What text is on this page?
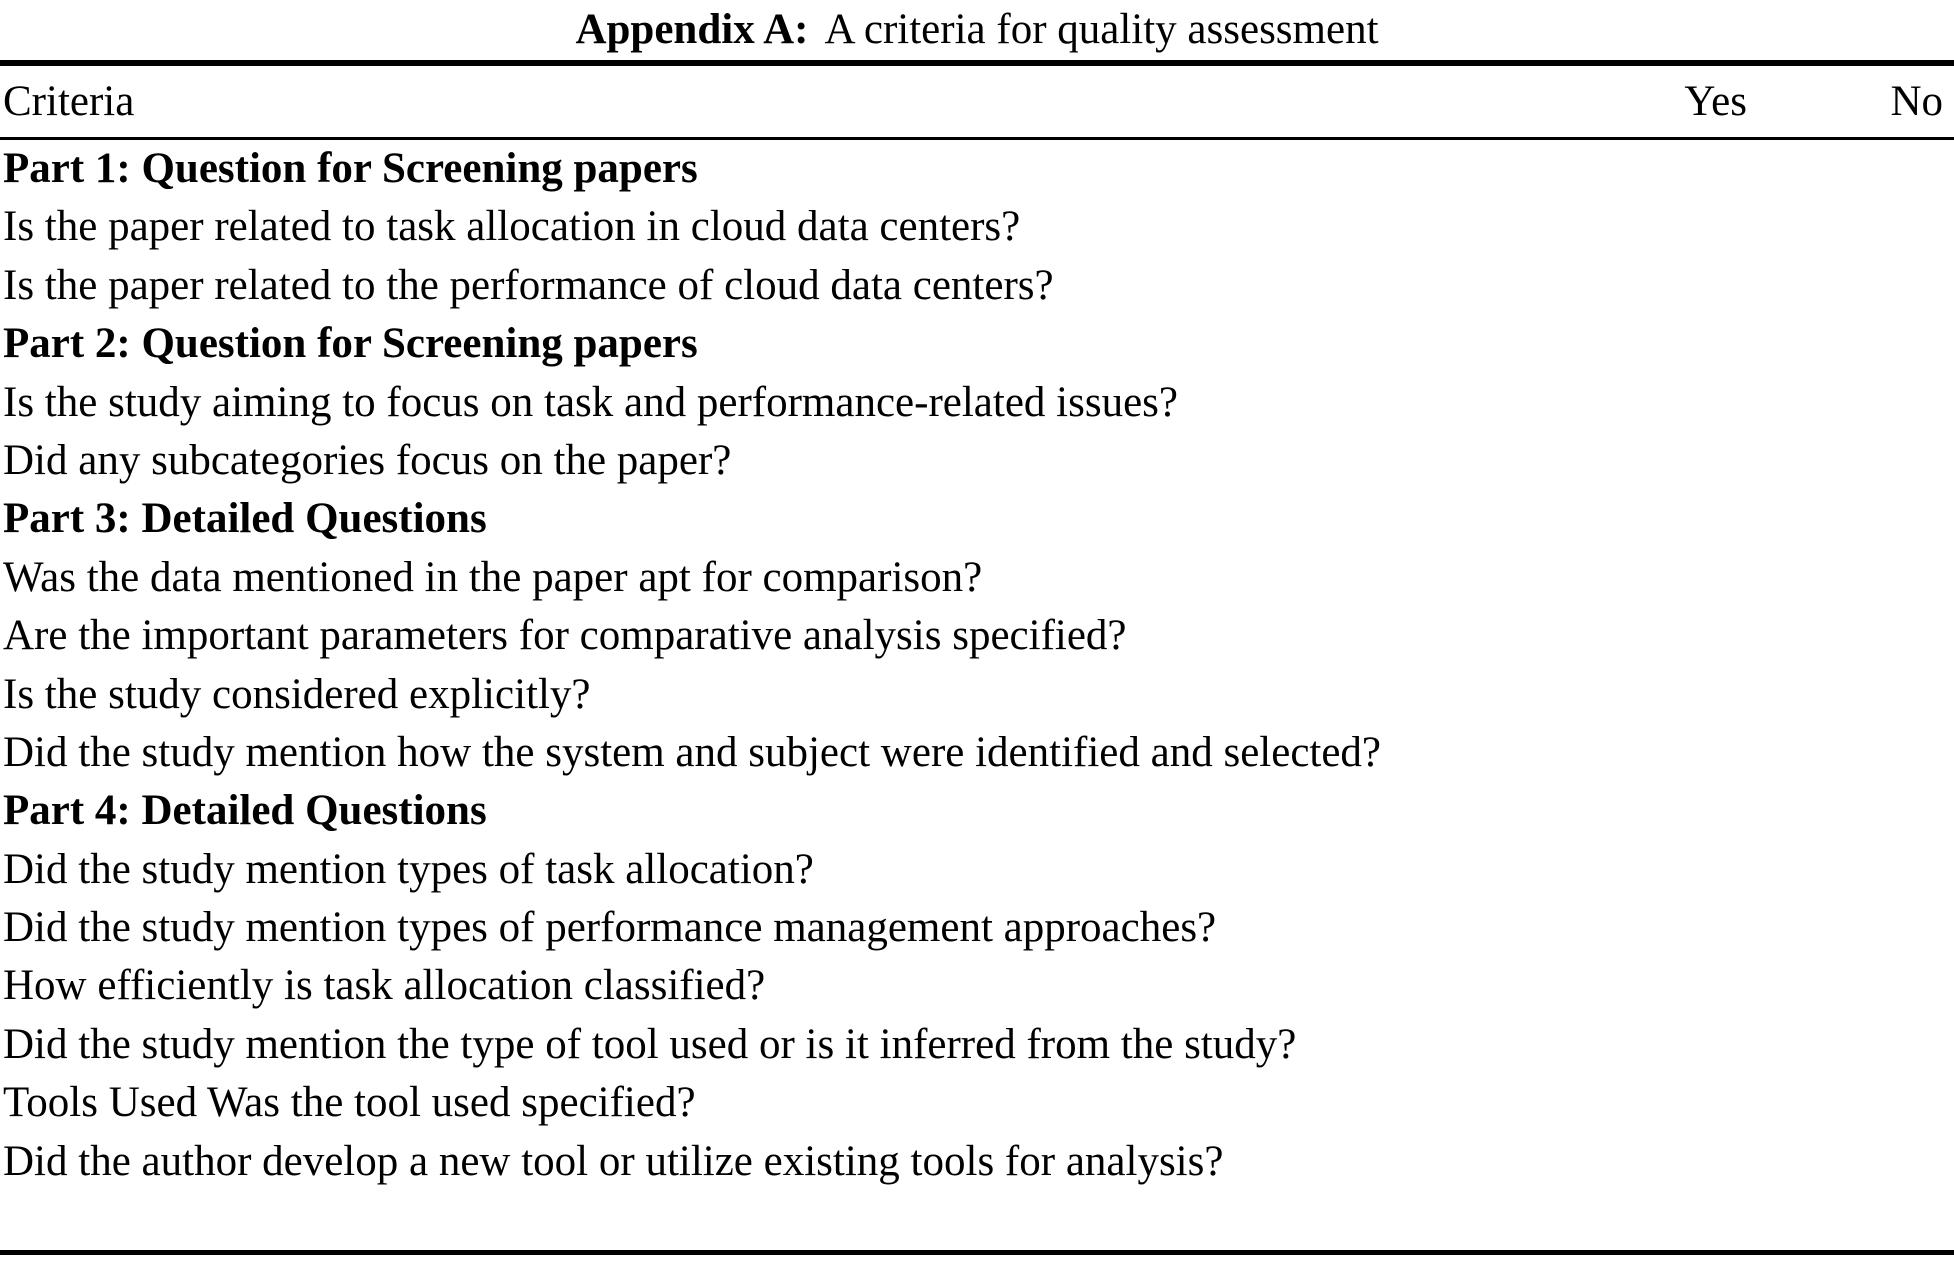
Appendix A: A criteria for quality assessment
Criteria	Yes	No
Part 1: Question for Screening papers
Is the paper related to task allocation in cloud data centers?
Is the paper related to the performance of cloud data centers?
Part 2: Question for Screening papers
Is the study aiming to focus on task and performance-related issues?
Did any subcategories focus on the paper?
Part 3: Detailed Questions
Was the data mentioned in the paper apt for comparison?
Are the important parameters for comparative analysis specified?
Is the study considered explicitly?
Did the study mention how the system and subject were identified and selected?
Part 4: Detailed Questions
Did the study mention types of task allocation?
Did the study mention types of performance management approaches?
How efficiently is task allocation classified?
Did the study mention the type of tool used or is it inferred from the study?
Tools Used Was the tool used specified?
Did the author develop a new tool or utilize existing tools for analysis?
